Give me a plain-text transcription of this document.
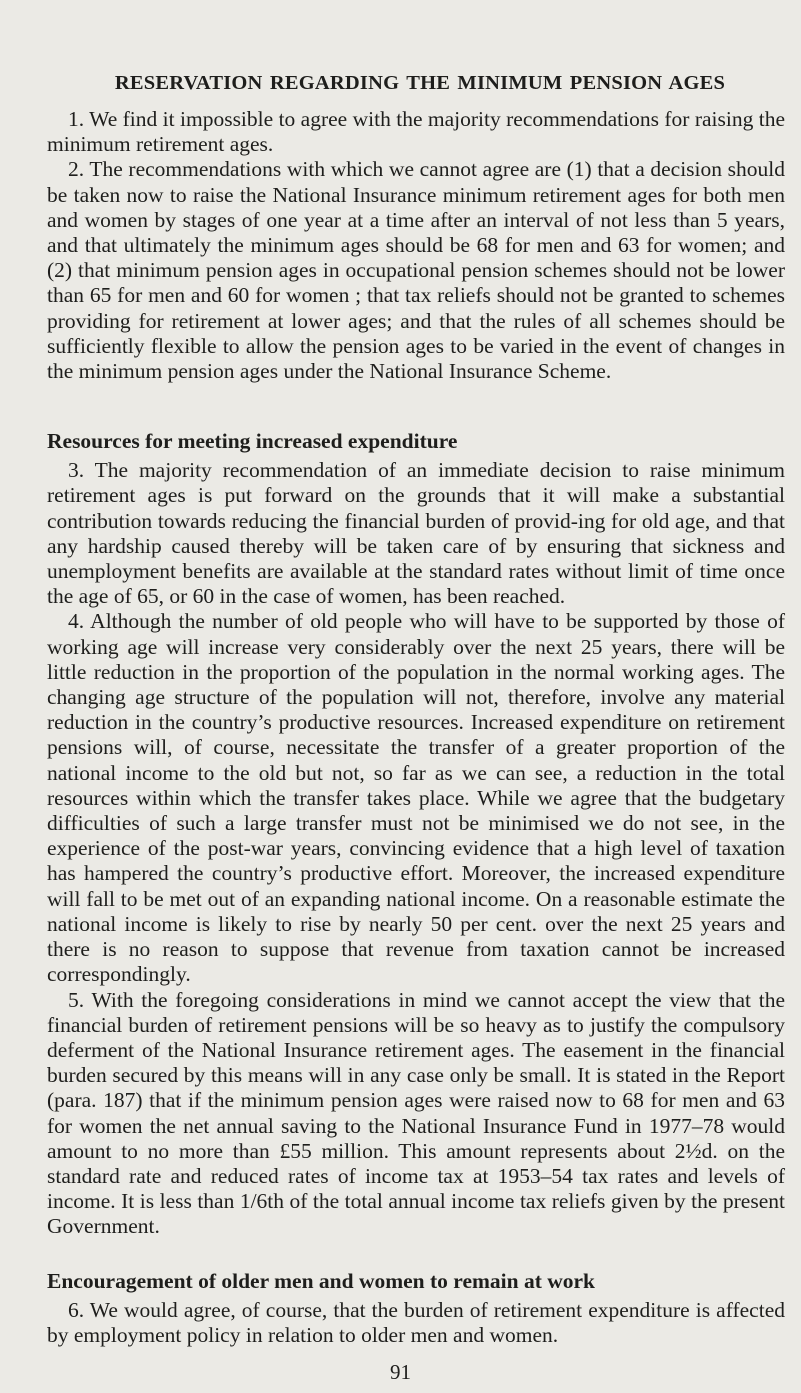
RESERVATION REGARDING THE MINIMUM PENSION AGES

1. We find it impossible to agree with the majority recommendations for raising the minimum retirement ages.

2. The recommendations with which we cannot agree are (1) that a decision should be taken now to raise the National Insurance minimum retirement ages for both men and women by stages of one year at a time after an interval of not less than 5 years, and that ultimately the minimum ages should be 68 for men and 63 for women; and (2) that minimum pension ages in occupational pension schemes should not be lower than 65 for men and 60 for women ; that tax reliefs should not be granted to schemes providing for retirement at lower ages; and that the rules of all schemes should be sufficiently flexible to allow the pension ages to be varied in the event of changes in the minimum pension ages under the National Insurance Scheme.

Resources for meeting increased expenditure

3. The majority recommendation of an immediate decision to raise minimum retirement ages is put forward on the grounds that it will make a substantial contribution towards reducing the financial burden of provid-ing for old age, and that any hardship caused thereby will be taken care of by ensuring that sickness and unemployment benefits are available at the standard rates without limit of time once the age of 65, or 60 in the case of women, has been reached.

4. Although the number of old people who will have to be supported by those of working age will increase very considerably over the next 25 years, there will be little reduction in the proportion of the population in the normal working ages. The changing age structure of the population will not, therefore, involve any material reduction in the country’s productive resources. Increased expenditure on retirement pensions will, of course, necessitate the transfer of a greater proportion of the national income to the old but not, so far as we can see, a reduction in the total resources within which the transfer takes place. While we agree that the budgetary difficulties of such a large transfer must not be minimised we do not see, in the experience of the post-war years, convincing evidence that a high level of taxation has hampered the country’s productive effort. Moreover, the increased expenditure will fall to be met out of an expanding national income. On a reasonable estimate the national income is likely to rise by nearly 50 per cent. over the next 25 years and there is no reason to suppose that revenue from taxation cannot be increased correspondingly.

5. With the foregoing considerations in mind we cannot accept the view that the financial burden of retirement pensions will be so heavy as to justify the compulsory deferment of the National Insurance retirement ages. The easement in the financial burden secured by this means will in any case only be small. It is stated in the Report (para. 187) that if the minimum pension ages were raised now to 68 for men and 63 for women the net annual saving to the National Insurance Fund in 1977–78 would amount to no more than £55 million. This amount represents about 2½d. on the standard rate and reduced rates of income tax at 1953–54 tax rates and levels of income. It is less than 1/6th of the total annual income tax reliefs given by the present Government.

Encouragement of older men and women to remain at work

6. We would agree, of course, that the burden of retirement expenditure is affected by employment policy in relation to older men and women.

91
